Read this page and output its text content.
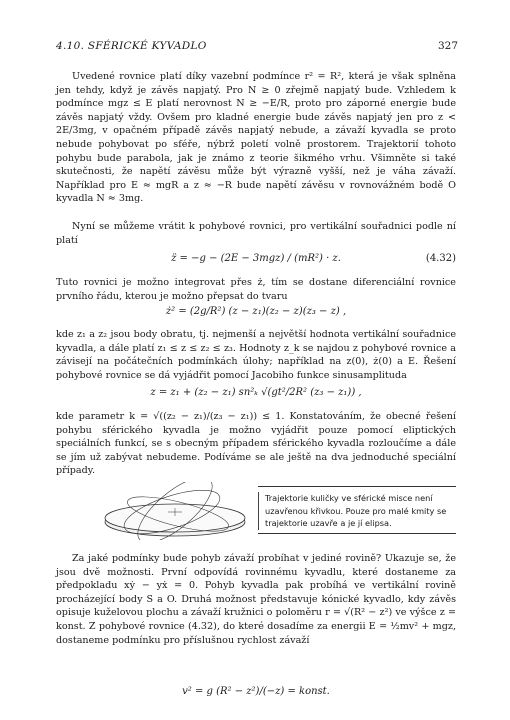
4.10. SFÉRICKÉ KYVADLO	327

Uvedené rovnice platí díky vazební podmínce r² = R², která je však splněna jen tehdy, když je závěs napjatý. Pro N ≥ 0 zřejmě napjatý bude. Vzhledem k podmínce mgz ≤ E platí nerovnost N ≥ −E/R, proto pro záporné energie bude závěs napjatý vždy. Ovšem pro kladné energie bude závěs napjatý jen pro z < 2E/3mg, v opačném případě závěs napjatý nebude, a závaží kyvadla se proto nebude pohybovat po sféře, nýbrž poletí volně prostorem. Trajektorií tohoto pohybu bude parabola, jak je známo z teorie šikmého vrhu. Všimněte si také skutečnosti, že napětí závěsu může být výrazně vyšší, než je váha závaží. Například pro E ≈ mgR a z ≈ −R bude napětí závěsu v rovnovážném bodě O kyvadla N ≈ 3mg.

Nyní se můžeme vrátit k pohybové rovnici, pro vertikální souřadnici podle ní platí

z̈ = −g − (2E − 3mgz) / (mR²) · z.	(4.32)

Tuto rovnici je možno integrovat přes ż, tím se dostane diferenciální rovnice prvního řádu, kterou je možno přepsat do tvaru

ż² = (2g/R²) (z − z₁)(z₂ − z)(z₃ − z) ,

kde z₁ a z₂ jsou body obratu, tj. nejmenší a největší hodnota vertikální souřadnice kyvadla, a dále platí z₁ ≤ z ≤ z₂ ≤ z₃. Hodnoty z_k se najdou z pohybové rovnice a závisejí na počátečních podmínkách úlohy; například na z(0), ż(0) a E. Řešení pohybové rovnice se dá vyjádřit pomocí Jacobiho funkce sinusamplituda

z = z₁ + (z₂ − z₁) sn²ₖ √(gt²/2R² (z₃ − z₁)) ,

kde parametr k = √((z₂ − z₁)/(z₃ − z₁)) ≤ 1. Konstatováním, že obecné řešení pohybu sférického kyvadla je možno vyjádřit pouze pomocí eliptických speciálních funkcí, se s obecným případem sférického kyvadla rozloučíme a dále se jím už zabývat nebudeme. Podíváme se ale ještě na dva jednoduché speciální případy.

Trajektorie kuličky ve sférické misce není uzavřenou křivkou. Pouze pro malé kmity se trajektorie uzavře a je jí elipsa.

Za jaké podmínky bude pohyb závaží probíhat v jediné rovině? Ukazuje se, že jsou dvě možnosti. První odpovídá rovinnému kyvadlu, které dostaneme za předpokladu xẏ − yẋ = 0. Pohyb kyvadla pak probíhá ve vertikální rovině procházející body S a O. Druhá možnost představuje kónické kyvadlo, kdy závěs opisuje kuželovou plochu a závaží kružnici o poloměru r = √(R² − z²) ve výšce z = konst. Z pohybové rovnice (4.32), do které dosadíme za energii E = ½mv² + mgz, dostaneme podmínku pro příslušnou rychlost závaží

v² = g (R² − z²)/(−z) = konst.
